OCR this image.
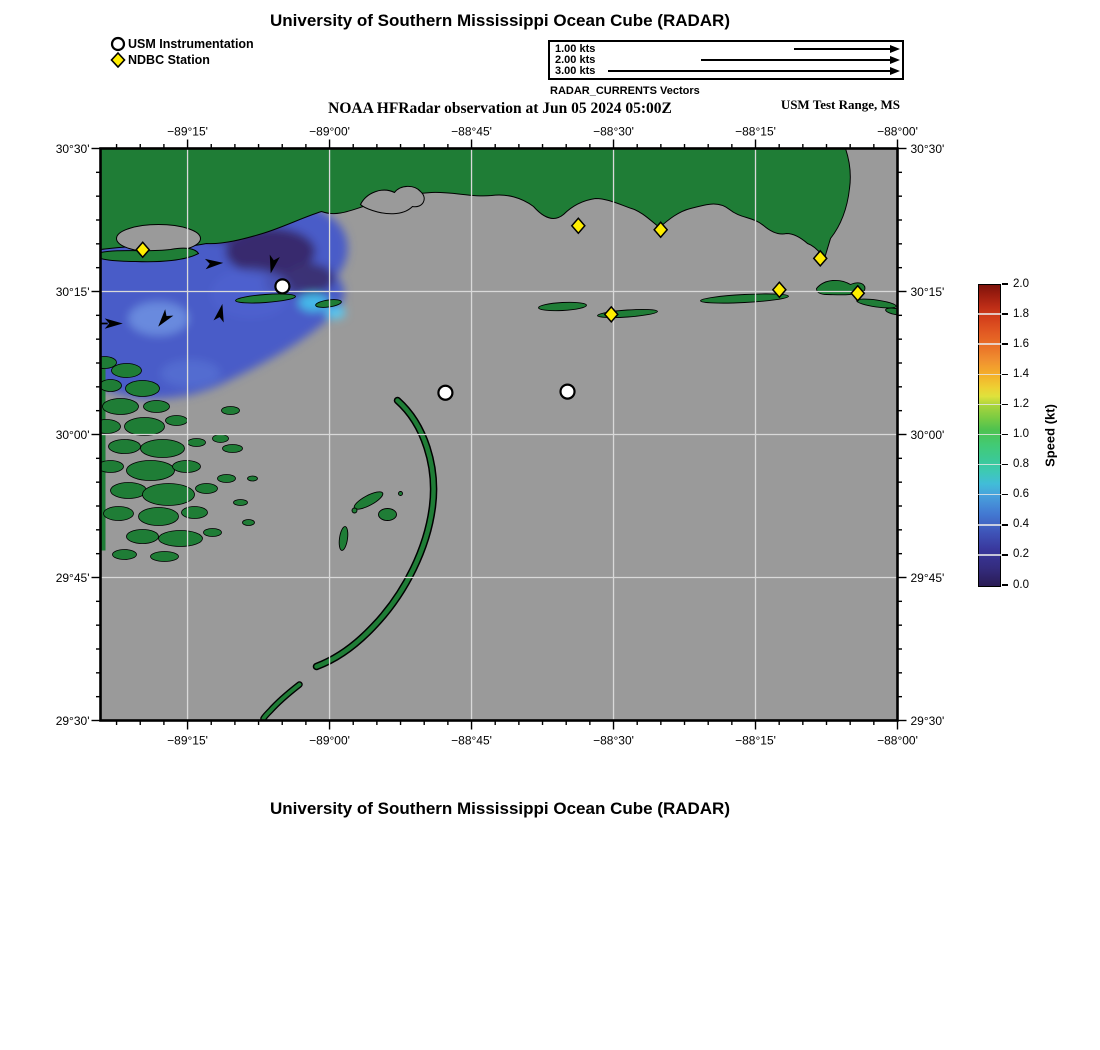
University of Southern Mississippi Ocean Cube (RADAR)
USM Instrumentation
NDBC Station
1.00 kts
2.00 kts
3.00 kts
RADAR_CURRENTS Vectors
NOAA HFRadar observation at Jun 05 2024 05:00Z	USM Test Range, MS
−89°15'
−89°15'
−89°00'
−89°00'
−88°45'
−88°45'
−88°30'
−88°30'
−88°15'
−88°15'
−88°00'
−88°00'
30°30'	30°30'
30°15'	30°15'
30°00'	30°00'
29°45'	29°45'
29°30'	29°30'
0.0
0.2
0.4
0.6
0.8
1.0
1.2
1.4
1.6
1.8
2.0
Speed (kt)
University of Southern Mississippi Ocean Cube (RADAR)
